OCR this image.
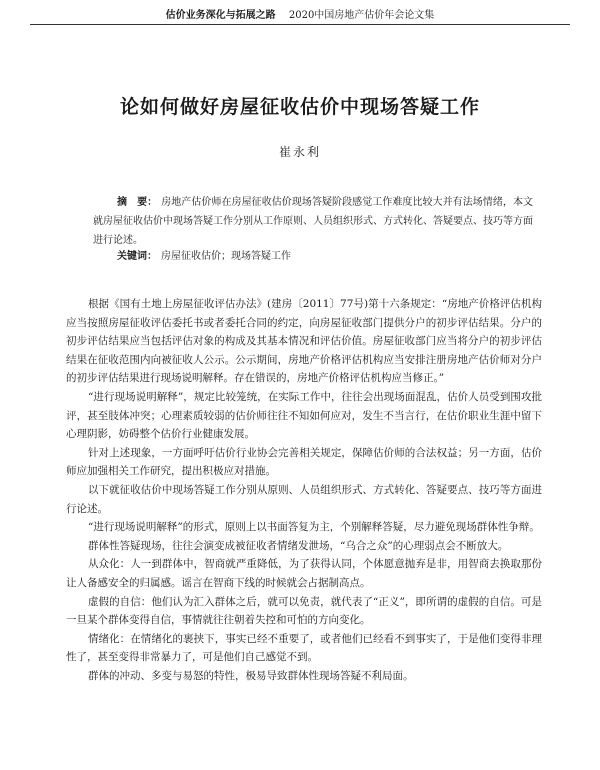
估价业务深化与拓展之路 2020中国房地产估价年会论文集
论如何做好房屋征收估价中现场答疑工作
崔永利
摘　要： 房地产估价师在房屋征收估价现场答疑阶段感觉工作难度比较大并有法场情绪，本文就房屋征收估价中现场答疑工作分别从工作原则、人员组织形式、方式转化、答疑要点、技巧等方面进行论述。
关键词： 房屋征收估价；现场答疑工作

根据《国有土地上房屋征收评估办法》(建房〔2011〕77号)第十六条规定：“房地产价格评估机构应当按照房屋征收评估委托书或者委托合同的约定，向房屋征收部门提供分户的初步评估结果。分户的初步评估结果应当包括评估对象的构成及其基本情况和评估价值。房屋征收部门应当将分户的初步评估结果在征收范围内向被征收人公示。公示期间，房地产价格评估机构应当安排注册房地产估价师对分户的初步评估结果进行现场说明解释。存在错误的，房地产价格评估机构应当修正。”

“进行现场说明解释”，规定比较笼统，在实际工作中，往往会出现场面混乱，估价人员受到围攻批评，甚至肢体冲突；心理素质较弱的估价师往往不知如何应对，发生不当言行，在估价职业生涯中留下心理阴影，妨碍整个估价行业健康发展。

针对上述现象，一方面呼吁估价行业协会完善相关规定，保障估价师的合法权益；另一方面，估价师应加强相关工作研究，提出积极应对措施。

以下就征收估价中现场答疑工作分别从原则、人员组织形式、方式转化、答疑要点、技巧等方面进行论述。

“进行现场说明解释”的形式，原则上以书面答复为主，个别解释答疑，尽力避免现场群体性争辩。

群体性答疑现场，往往会演变成被征收者情绪发泄场，“乌合之众”的心理弱点会不断放大。

从众化：人一到群体中，智商就严重降低，为了获得认同，个体愿意抛弃是非，用智商去换取那份让人备感安全的归属感。谣言在智商下线的时候就会占据制高点。

虚假的自信：他们认为汇入群体之后，就可以免责，就代表了“正义”，即所谓的虚假的自信。可是一旦某个群体变得自信，事情就往往朝着失控和可怕的方向变化。

情绪化：在情绪化的裹挟下，事实已经不重要了，或者他们已经看不到事实了，于是他们变得非理性了，甚至变得非常暴力了，可是他们自己感觉不到。

群体的冲动、多变与易怒的特性，极易导致群体性现场答疑不利局面。
